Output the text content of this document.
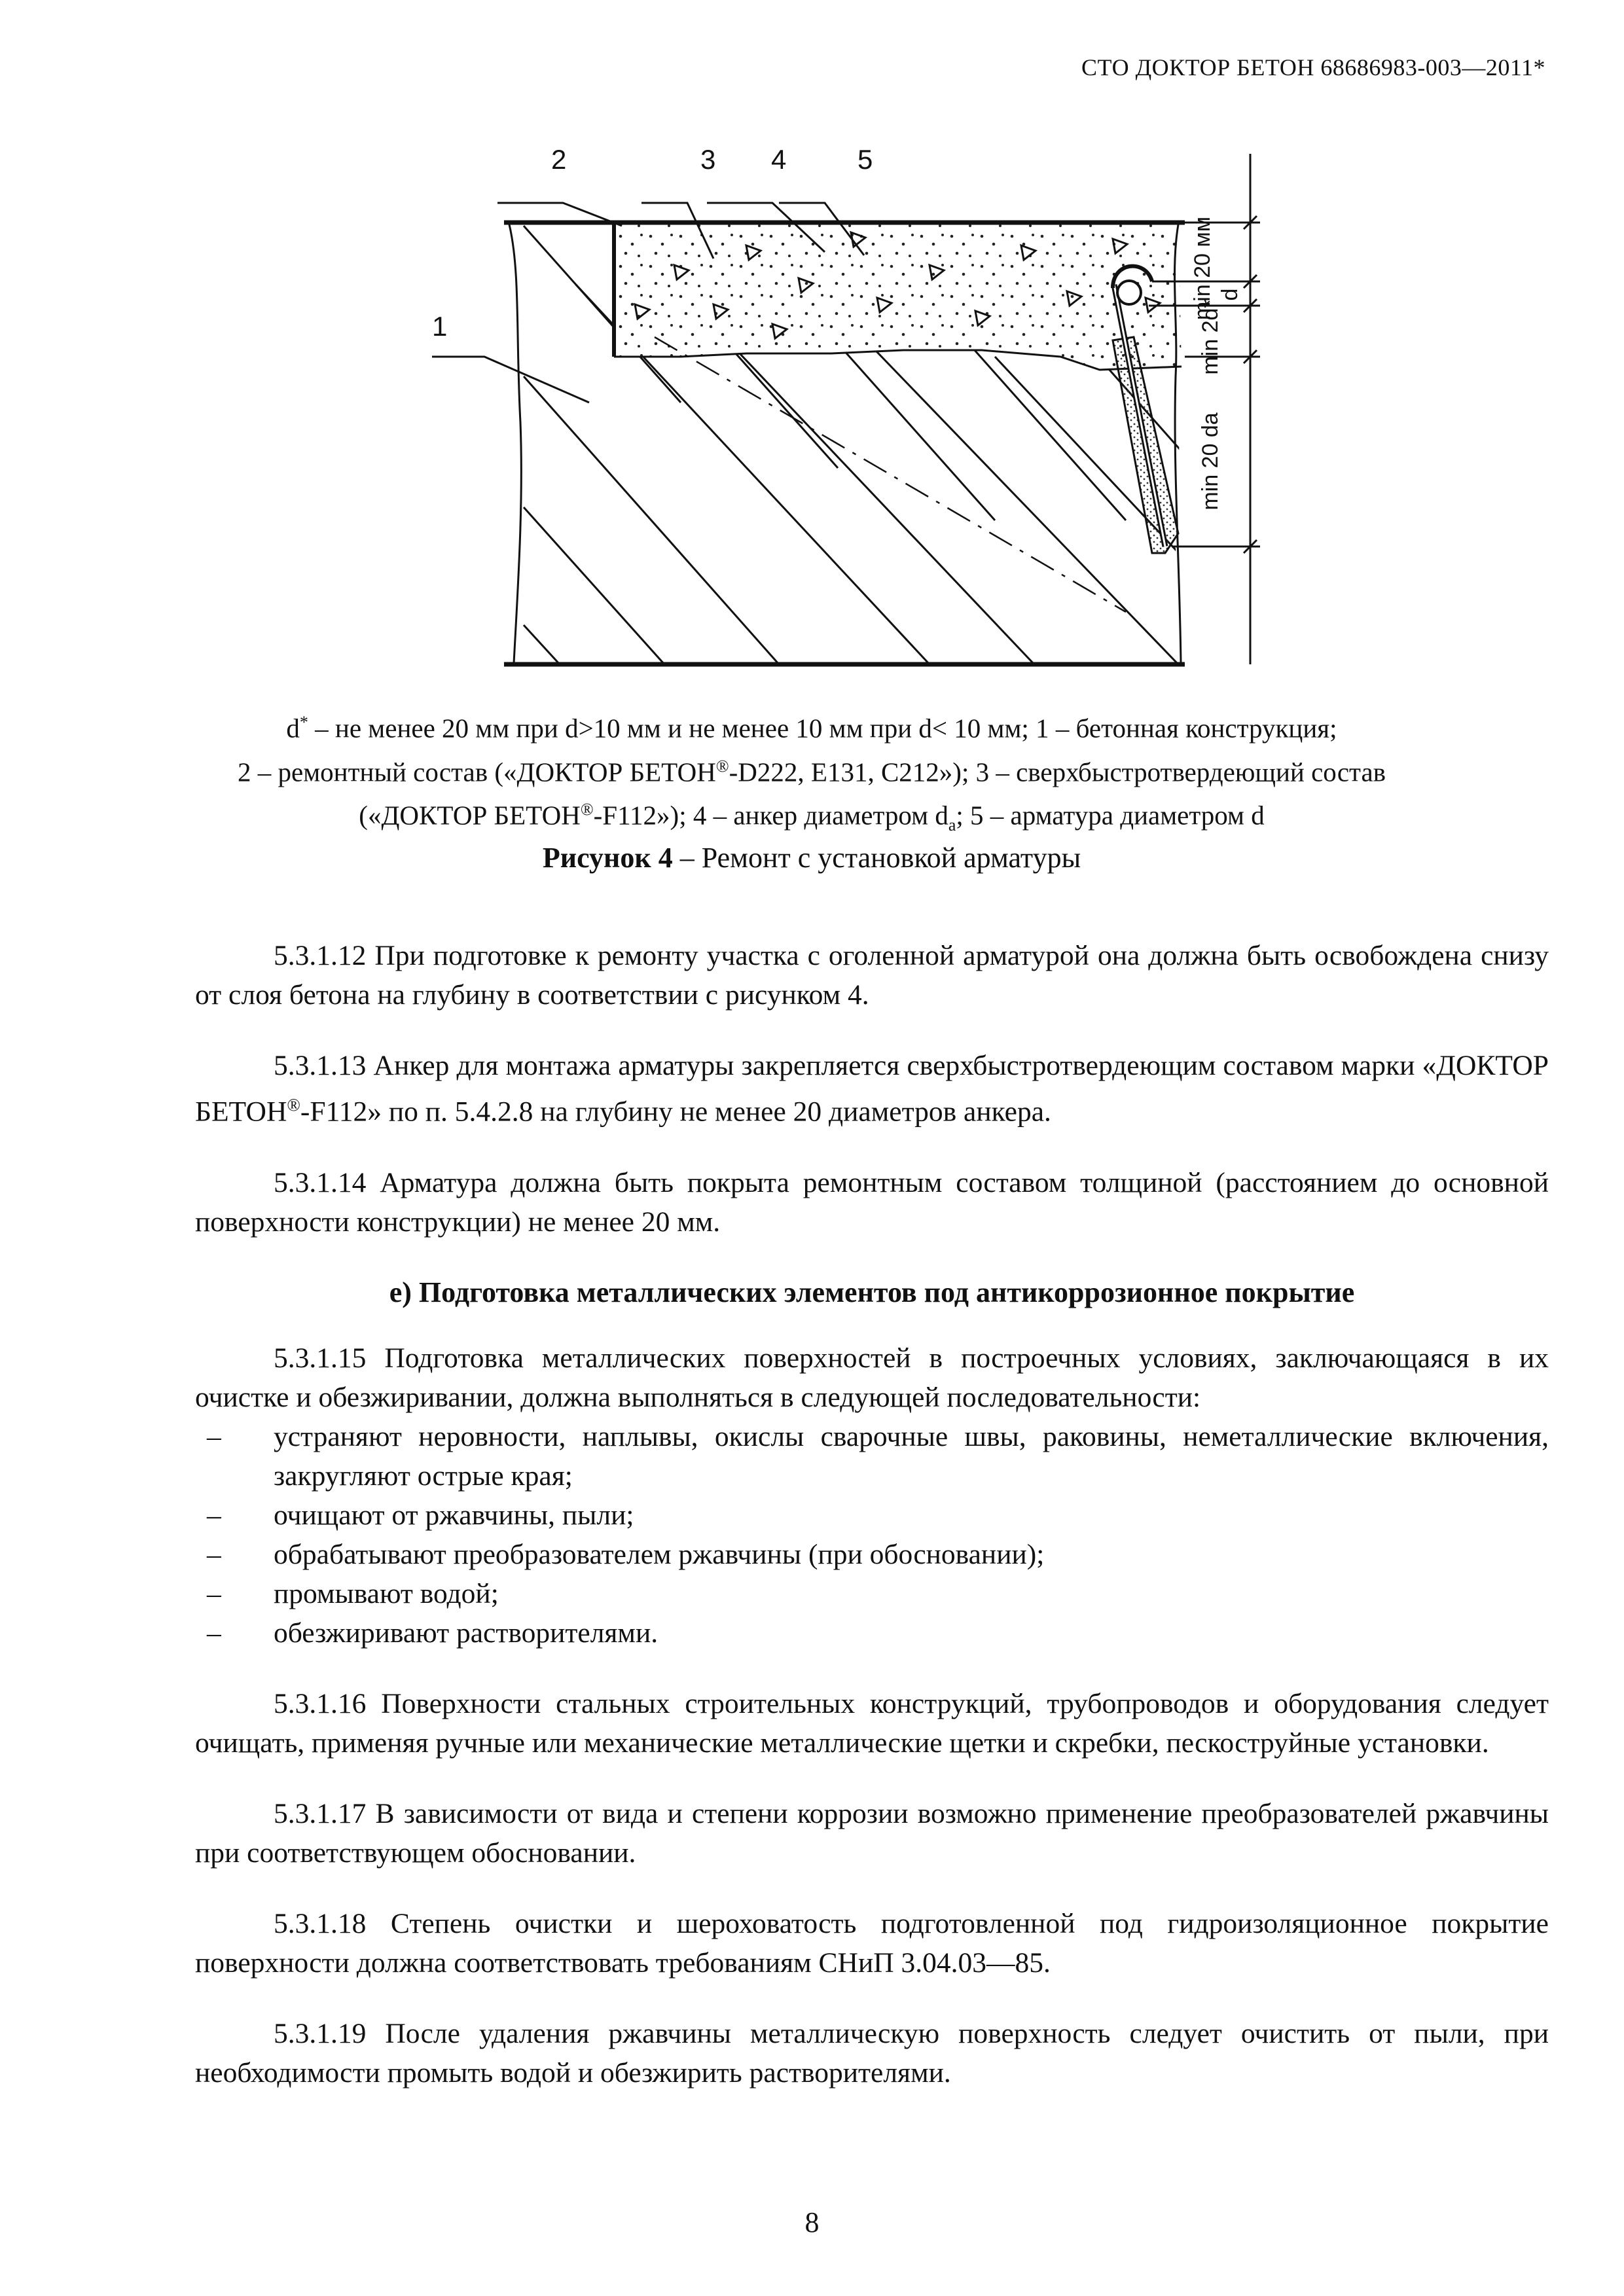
СТО ДОКТОР БЕТОН 68686983-003—2011*
2	3 4	5
1
min 20 мм d
min 2d*
min 20 da
d* – не менее 20 мм при d>10 мм и не менее 10 мм при d< 10 мм; 1 – бетонная конструкция;
2 – ремонтный состав («ДОКТОР БЕТОН®-D222, E131, C212»); 3 – сверхбыстротвердеющий состав
(«ДОКТОР БЕТОН®-F112»); 4 – анкер диаметром $d_a$; 5 – арматура диаметром d
Рисунок 4 – Ремонт с установкой арматуры

5.3.1.12 При подготовке к ремонту участка с оголенной арматурой она должна быть освобождена снизу от слоя бетона на глубину в соответствии с рисунком 4.

5.3.1.13 Анкер для монтажа арматуры закрепляется сверхбыстротвердеющим составом марки «ДОКТОР БЕТОН®-F112» по п. 5.4.2.8 на глубину не менее 20 диаметров анкера.

5.3.1.14 Арматура должна быть покрыта ремонтным составом толщиной (расстоянием до основной поверхности конструкции) не менее 20 мм.

е) Подготовка металлических элементов под антикоррозионное покрытие

5.3.1.15 Подготовка металлических поверхностей в построечных условиях, заключающаяся в их очистке и обезжиривании, должна выполняться в следующей последовательности:

–	устраняют неровности, наплывы, окислы сварочные швы, раковины, неметаллические включения, закругляют острые края;
–	очищают от ржавчины, пыли;
–	обрабатывают преобразователем ржавчины (при обосновании);
–	промывают водой;
–	обезжиривают растворителями.

5.3.1.16 Поверхности стальных строительных конструкций, трубопроводов и оборудования следует очищать, применяя ручные или механические металлические щетки и скребки, пескоструйные установки.

5.3.1.17 В зависимости от вида и степени коррозии возможно применение преобразователей ржавчины при соответствующем обосновании.

5.3.1.18 Степень очистки и шероховатость подготовленной под гидроизоляционное покрытие поверхности должна соответствовать требованиям СНиП 3.04.03—85.

5.3.1.19 После удаления ржавчины металлическую поверхность следует очистить от пыли, при необходимости промыть водой и обезжирить растворителями.

8
